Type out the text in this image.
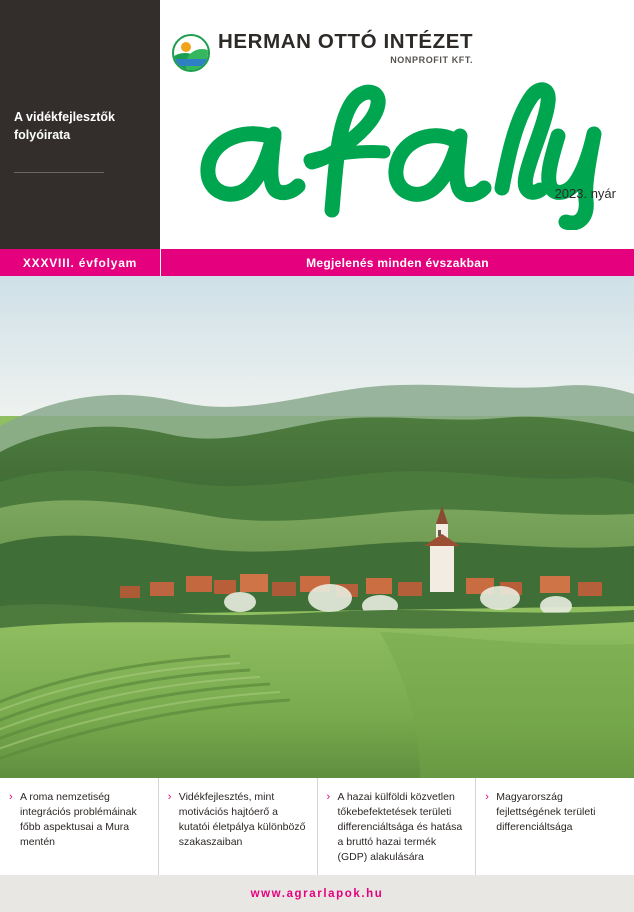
A vidékfejlesztők folyóirata
HERMAN OTTÓ INTÉZET
NONPROFIT KFT.
2023. nyár
XXXVIII. évfolyam	Megjelenés minden évszakban
› A roma nemzetiség integrációs problémáinak főbb aspektusai a Mura mentén
› Vidékfejlesztés, mint motivációs hajtóerő a kutatói életpálya különböző szakaszaiban
› A hazai külföldi közvetlen tőkebefektetések területi differenciáltsága és hatása a bruttó hazai termék (GDP) alakulására
› Magyarország fejlettségének területi differenciáltsága
www.agrarlapok.hu
